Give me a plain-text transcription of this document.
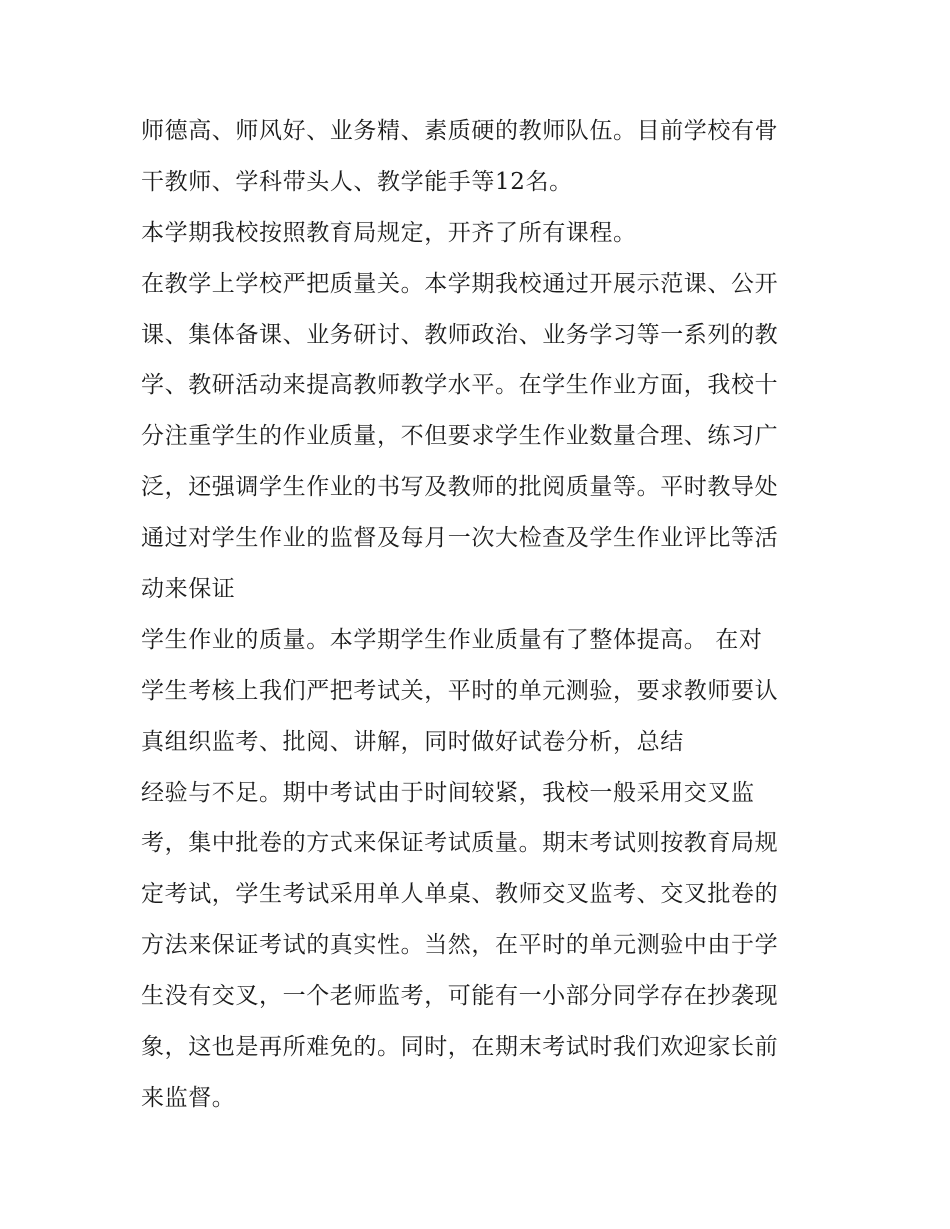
师德高、师风好、业务精、素质硬的教师队伍。目前学校有骨
干教师、学科带头人、教学能手等12名。
本学期我校按照教育局规定，开齐了所有课程。
在教学上学校严把质量关。本学期我校通过开展示范课、公开
课、集体备课、业务研讨、教师政治、业务学习等一系列的教
学、教研活动来提高教师教学水平。在学生作业方面，我校十
分注重学生的作业质量，不但要求学生作业数量合理、练习广
泛，还强调学生作业的书写及教师的批阅质量等。平时教导处
通过对学生作业的监督及每月一次大检查及学生作业评比等活
动来保证
学生作业的质量。本学期学生作业质量有了整体提高。 在对
学生考核上我们严把考试关，平时的单元测验，要求教师要认
真组织监考、批阅、讲解，同时做好试卷分析，总结
经验与不足。期中考试由于时间较紧，我校一般采用交叉监
考，集中批卷的方式来保证考试质量。期末考试则按教育局规
定考试，学生考试采用单人单桌、教师交叉监考、交叉批卷的
方法来保证考试的真实性。当然，在平时的单元测验中由于学
生没有交叉，一个老师监考，可能有一小部分同学存在抄袭现
象，这也是再所难免的。同时，在期末考试时我们欢迎家长前
来监督。
